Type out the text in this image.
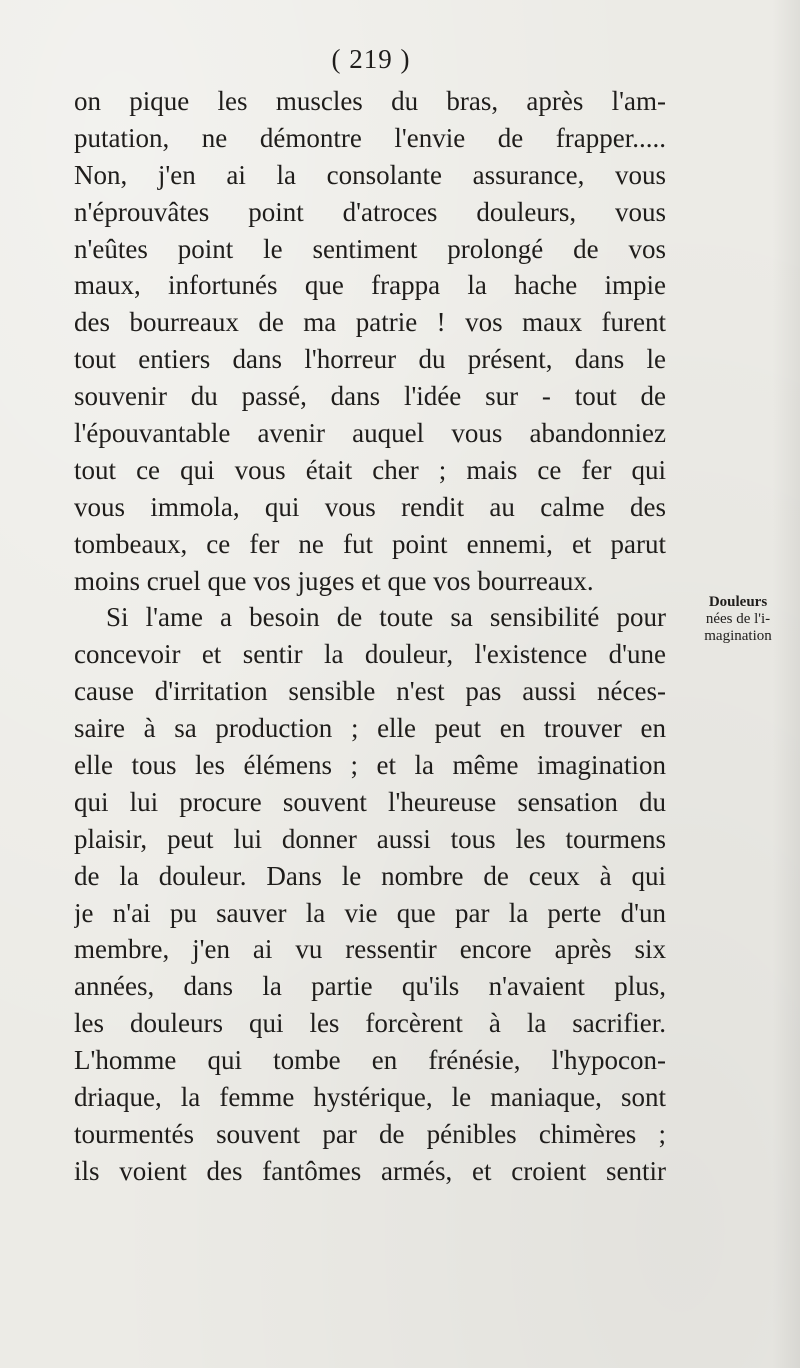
( 219 )
on pique les muscles du bras, après l'am-
putation, ne démontre l'envie de frapper.....
Non, j'en ai la consolante assurance, vous
n'éprouvâtes point d'atroces douleurs, vous
n'eûtes point le sentiment prolongé de vos
maux, infortunés que frappa la hache impie
des bourreaux de ma patrie ! vos maux furent
tout entiers dans l'horreur du présent, dans le
souvenir du passé, dans l'idée sur - tout de
l'épouvantable avenir auquel vous abandonniez
tout ce qui vous était cher ; mais ce fer qui
vous immola, qui vous rendit au calme des
tombeaux, ce fer ne fut point ennemi, et parut
moins cruel que vos juges et que vos bourreaux.
Si l'ame a besoin de toute sa sensibilité pour
concevoir et sentir la douleur, l'existence d'une
cause d'irritation sensible n'est pas aussi néces-
saire à sa production ; elle peut en trouver en
elle tous les élémens ; et la même imagination
qui lui procure souvent l'heureuse sensation du
plaisir, peut lui donner aussi tous les tourmens
de la douleur. Dans le nombre de ceux à qui
je n'ai pu sauver la vie que par la perte d'un
membre, j'en ai vu ressentir encore après six
années, dans la partie qu'ils n'avaient plus,
les douleurs qui les forcèrent à la sacrifier.
L'homme qui tombe en frénésie, l'hypocon-
driaque, la femme hystérique, le maniaque, sont
tourmentés souvent par de pénibles chimères ;
ils voient des fantômes armés, et croient sentir
Douleurs
nées de l'i-
magination
